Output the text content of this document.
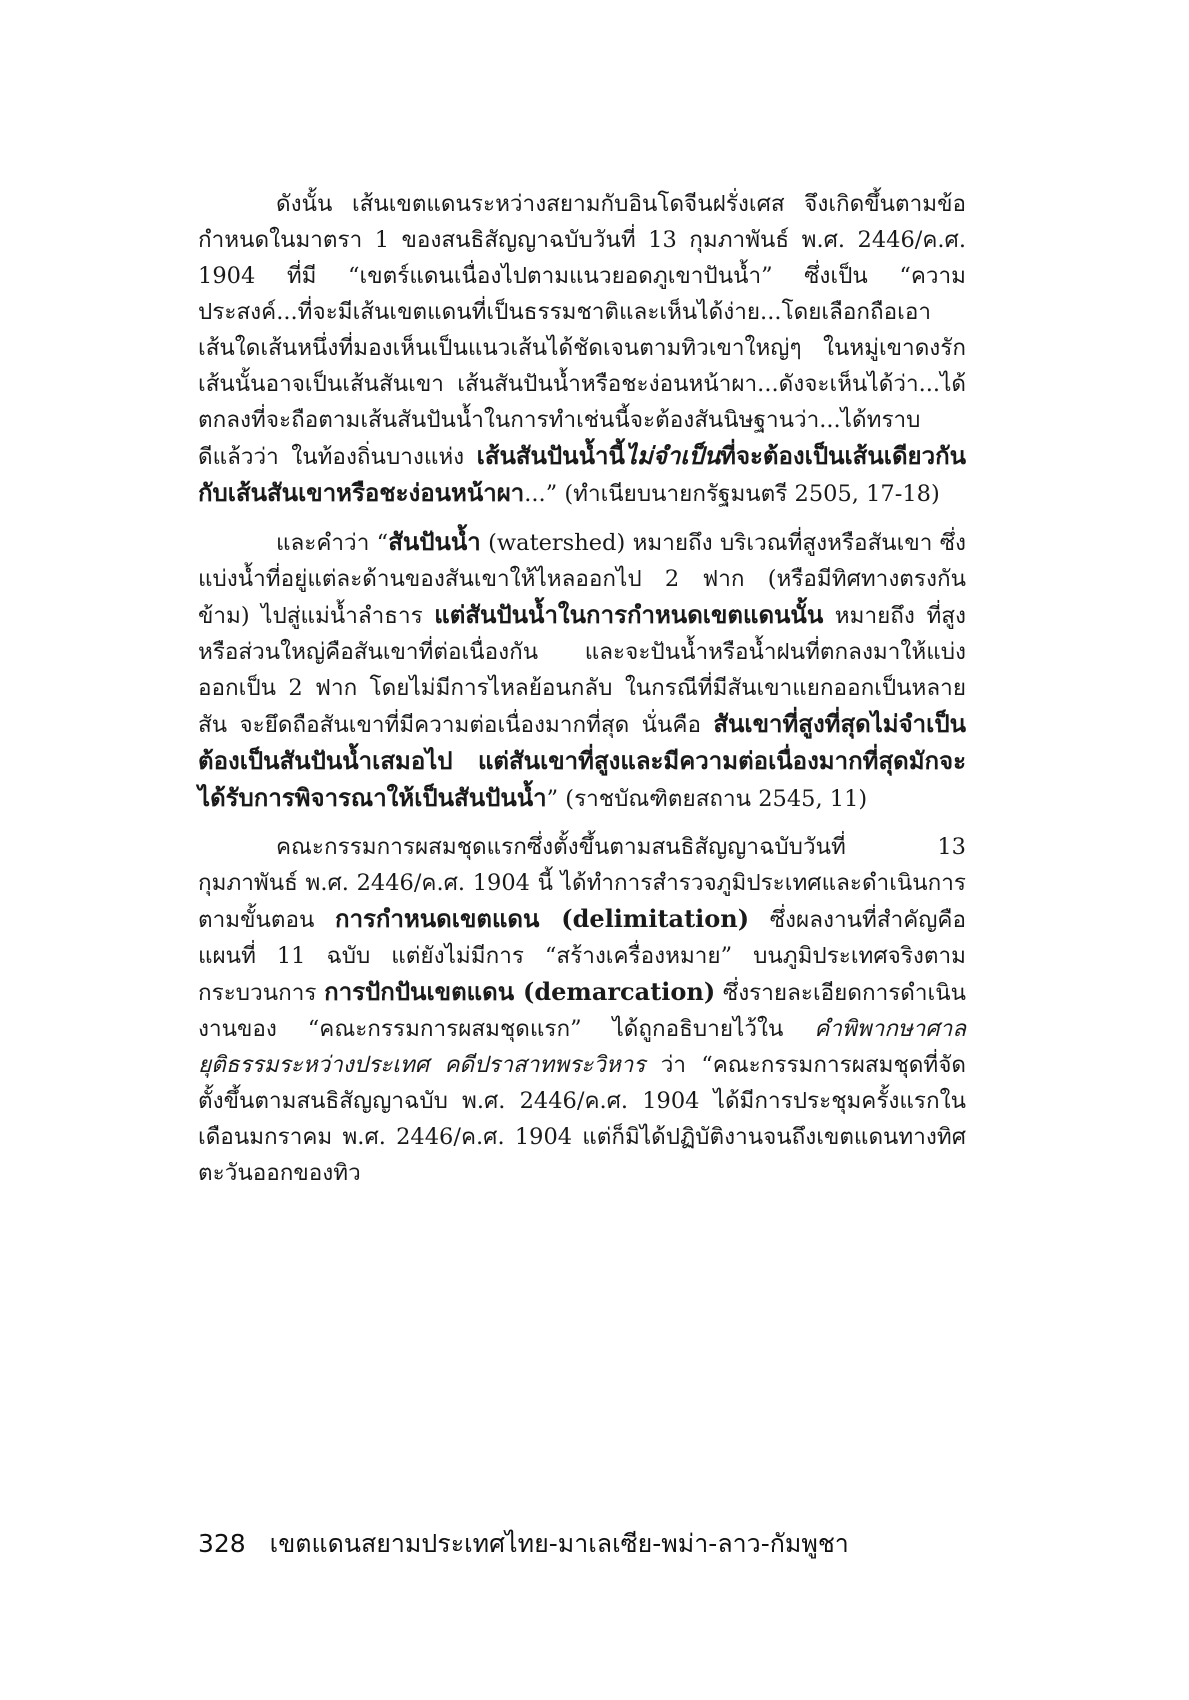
ดังนั้น เส้นเขตแดนระหว่างสยามกับอินโดจีนฝรั่งเศส จึงเกิดขึ้นตามข้อกำหนดในมาตรา 1 ของสนธิสัญญาฉบับวันที่ 13 กุมภาพันธ์ พ.ศ. 2446/ค.ศ. 1904 ที่มี “เขตร์แดนเนื่องไปตามแนวยอดภูเขาปันน้ำ” ซึ่งเป็น “ความประสงค์...ที่จะมีเส้นเขตแดนที่เป็นธรรมชาติและเห็นได้ง่าย...โดยเลือกถือเอาเส้นใดเส้นหนึ่งที่มองเห็นเป็นแนวเส้นได้ชัดเจนตามทิวเขาใหญ่ๆ ในหมู่เขาดงรัก เส้นนั้นอาจเป็นเส้นสันเขา เส้นสันปันน้ำหรือชะง่อนหน้าผา...ดังจะเห็นได้ว่า...ได้ตกลงที่จะถือตามเส้นสันปันน้ำในการทำเช่นนี้จะต้องสันนิษฐานว่า...ได้ทราบดีแล้วว่า ในท้องถิ่นบางแห่ง เส้นสันปันน้ำนี้ไม่จำเป็นที่จะต้องเป็นเส้นเดียวกันกับเส้นสันเขาหรือชะง่อนหน้าผา...” (ทำเนียบนายกรัฐมนตรี 2505, 17-18)

และคำว่า “สันปันน้ำ (watershed) หมายถึง บริเวณที่สูงหรือสันเขา ซึ่งแบ่งน้ำที่อยู่แต่ละด้านของสันเขาให้ไหลออกไป 2 ฟาก (หรือมีทิศทางตรงกันข้าม) ไปสู่แม่น้ำลำธาร แต่สันปันน้ำในการกำหนดเขตแดนนั้น หมายถึง ที่สูงหรือส่วนใหญ่คือสันเขาที่ต่อเนื่องกัน และจะปันน้ำหรือน้ำฝนที่ตกลงมาให้แบ่งออกเป็น 2 ฟาก โดยไม่มีการไหลย้อนกลับ ในกรณีที่มีสันเขาแยกออกเป็นหลายสัน จะยึดถือสันเขาที่มีความต่อเนื่องมากที่สุด นั่นคือ สันเขาที่สูงที่สุดไม่จำเป็นต้องเป็นสันปันน้ำเสมอไป แต่สันเขาที่สูงและมีความต่อเนื่องมากที่สุดมักจะได้รับการพิจารณาให้เป็นสันปันน้ำ” (ราชบัณฑิตยสถาน 2545, 11)

คณะกรรมการผสมชุดแรกซึ่งตั้งขึ้นตามสนธิสัญญาฉบับวันที่ 13 กุมภาพันธ์ พ.ศ. 2446/ค.ศ. 1904 นี้ ได้ทำการสำรวจภูมิประเทศและดำเนินการตามขั้นตอน การกำหนดเขตแดน (delimitation) ซึ่งผลงานที่สำคัญคือแผนที่ 11 ฉบับ แต่ยังไม่มีการ “สร้างเครื่องหมาย” บนภูมิประเทศจริงตามกระบวนการ การปักปันเขตแดน (demarcation) ซึ่งรายละเอียดการดำเนินงานของ “คณะกรรมการผสมชุดแรก” ได้ถูกอธิบายไว้ใน คำพิพากษาศาลยุติธรรมระหว่างประเทศ คดีปราสาทพระวิหาร ว่า “คณะกรรมการผสมชุดที่จัดตั้งขึ้นตามสนธิสัญญาฉบับ พ.ศ. 2446/ค.ศ. 1904 ได้มีการประชุมครั้งแรกในเดือนมกราคม พ.ศ. 2446/ค.ศ. 1904 แต่ก็มิได้ปฏิบัติงานจนถึงเขตแดนทางทิศตะวันออกของทิว

328 เขตแดนสยามประเทศไทย-มาเลเซีย-พม่า-ลาว-กัมพูชา
